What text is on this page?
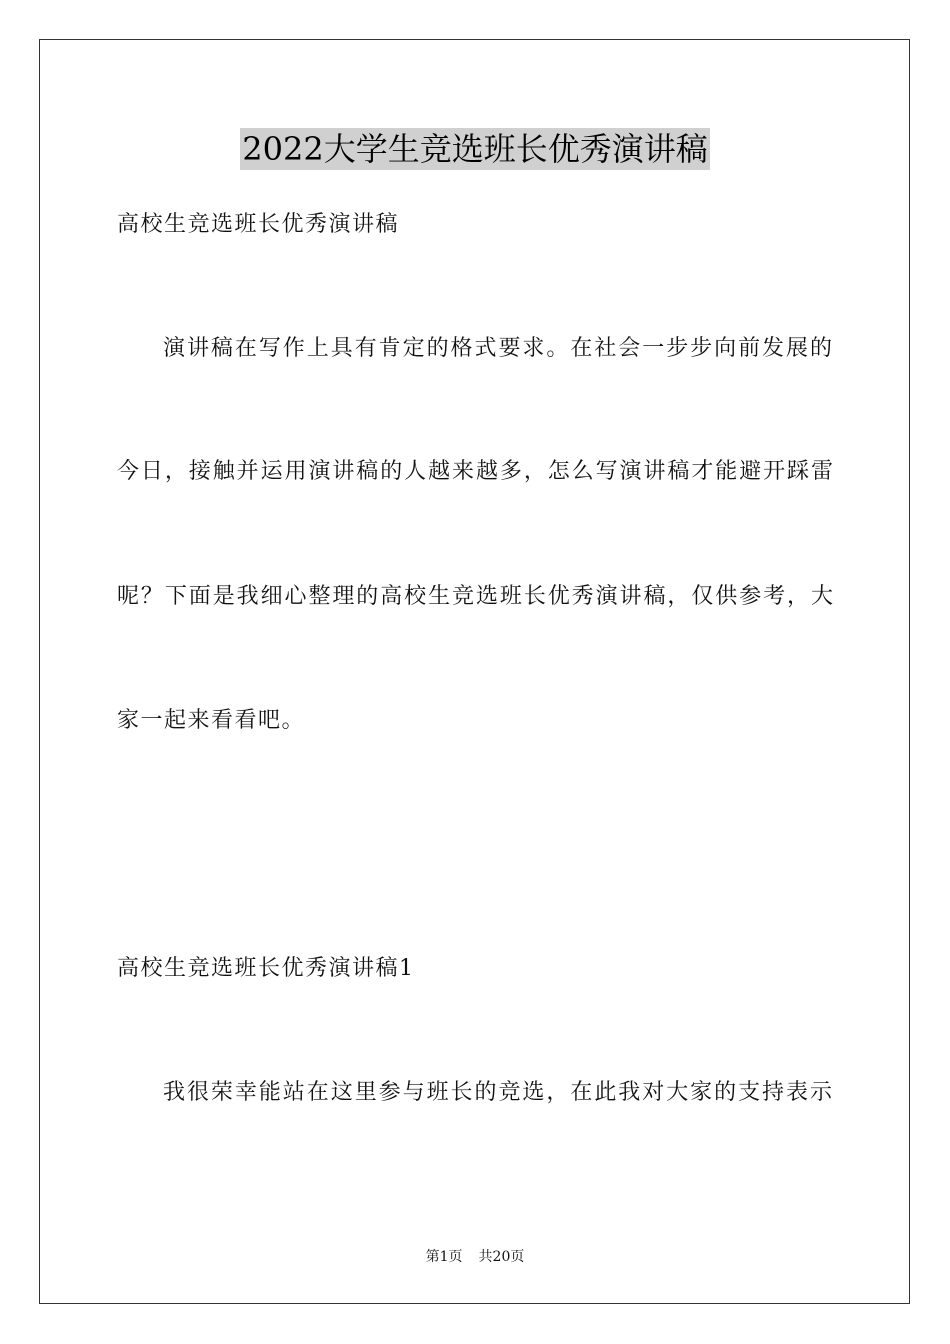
2022大学生竞选班长优秀演讲稿
高校生竞选班长优秀演讲稿
演讲稿在写作上具有肯定的格式要求。在社会一步步向前发展的
今日，接触并运用演讲稿的人越来越多，怎么写演讲稿才能避开踩雷
呢？下面是我细心整理的高校生竞选班长优秀演讲稿，仅供参考，大
家一起来看看吧。
高校生竞选班长优秀演讲稿1
我很荣幸能站在这里参与班长的竞选，在此我对大家的支持表示
第1页 共20页
